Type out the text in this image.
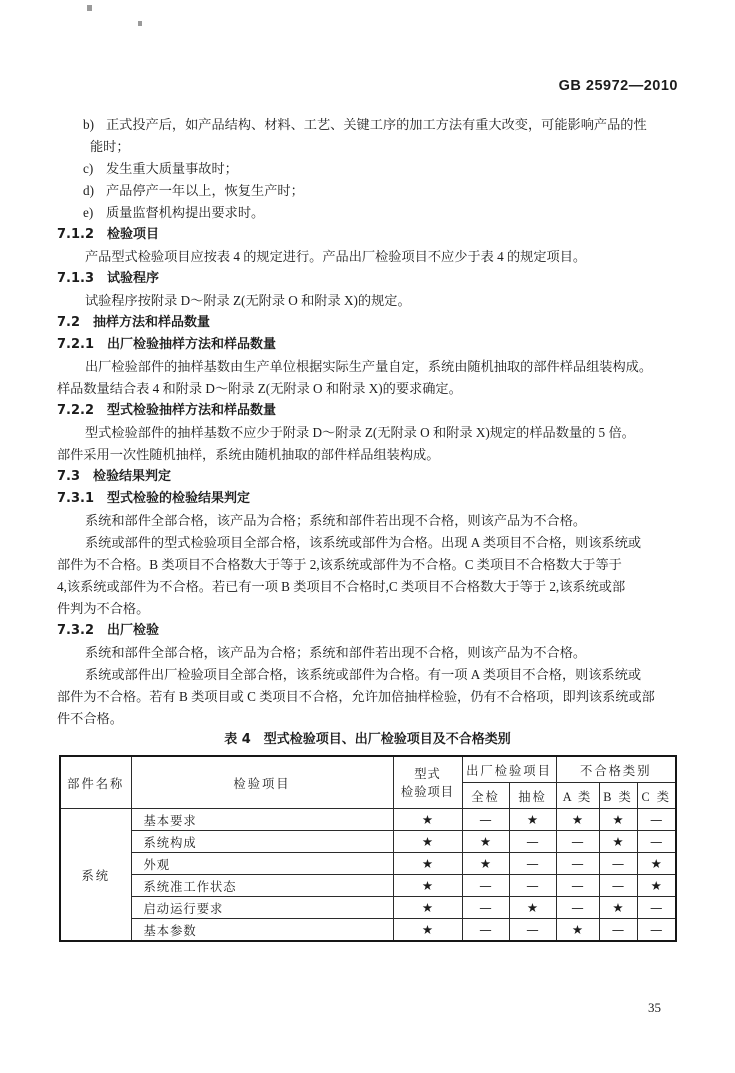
GB 25972—2010
b) 正式投产后，如产品结构、材料、工艺、关键工序的加工方法有重大改变，可能影响产品的性
能时；
c) 发生重大质量事故时；
d) 产品停产一年以上，恢复生产时；
e) 质量监督机构提出要求时。
7.1.2　检验项目
产品型式检验项目应按表 4 的规定进行。产品出厂检验项目不应少于表 4 的规定项目。
7.1.3　试验程序
试验程序按附录 D～附录 Z(无附录 O 和附录 X)的规定。
7.2　抽样方法和样品数量
7.2.1　出厂检验抽样方法和样品数量
出厂检验部件的抽样基数由生产单位根据实际生产量自定，系统由随机抽取的部件样品组装构成。
样品数量结合表 4 和附录 D～附录 Z(无附录 O 和附录 X)的要求确定。
7.2.2　型式检验抽样方法和样品数量
型式检验部件的抽样基数不应少于附录 D～附录 Z(无附录 O 和附录 X)规定的样品数量的 5 倍。
部件采用一次性随机抽样，系统由随机抽取的部件样品组装构成。
7.3　检验结果判定
7.3.1　型式检验的检验结果判定
系统和部件全部合格，该产品为合格；系统和部件若出现不合格，则该产品为不合格。
系统或部件的型式检验项目全部合格，该系统或部件为合格。出现 A 类项目不合格，则该系统或
部件为不合格。B 类项目不合格数大于等于 2,该系统或部件为不合格。C 类项目不合格数大于等于
4,该系统或部件为不合格。若已有一项 B 类项目不合格时,C 类项目不合格数大于等于 2,该系统或部
件判为不合格。
7.3.2　出厂检验
系统和部件全部合格，该产品为合格；系统和部件若出现不合格，则该产品为不合格。
系统或部件出厂检验项目全部合格，该系统或部件为合格。有一项 A 类项目不合格，则该系统或
部件为不合格。若有 B 类项目或 C 类项目不合格，允许加倍抽样检验，仍有不合格项，即判该系统或部
件不合格。
表 4　型式检验项目、出厂检验项目及不合格类别
部件名称	检验项目	型式
检验项目	出厂检验项目		不合格类别		
			全检	抽检	A 类	B 类	C 类
系统	基本要求	★	—	★	★	★	—
	系统构成	★	★	—	—	★	—
	外观	★	★	—	—	—	★
	系统准工作状态	★	—	—	—	—	★
	启动运行要求	★	—	★	—	★	—
	基本参数	★	—	—	★	—	—
35
